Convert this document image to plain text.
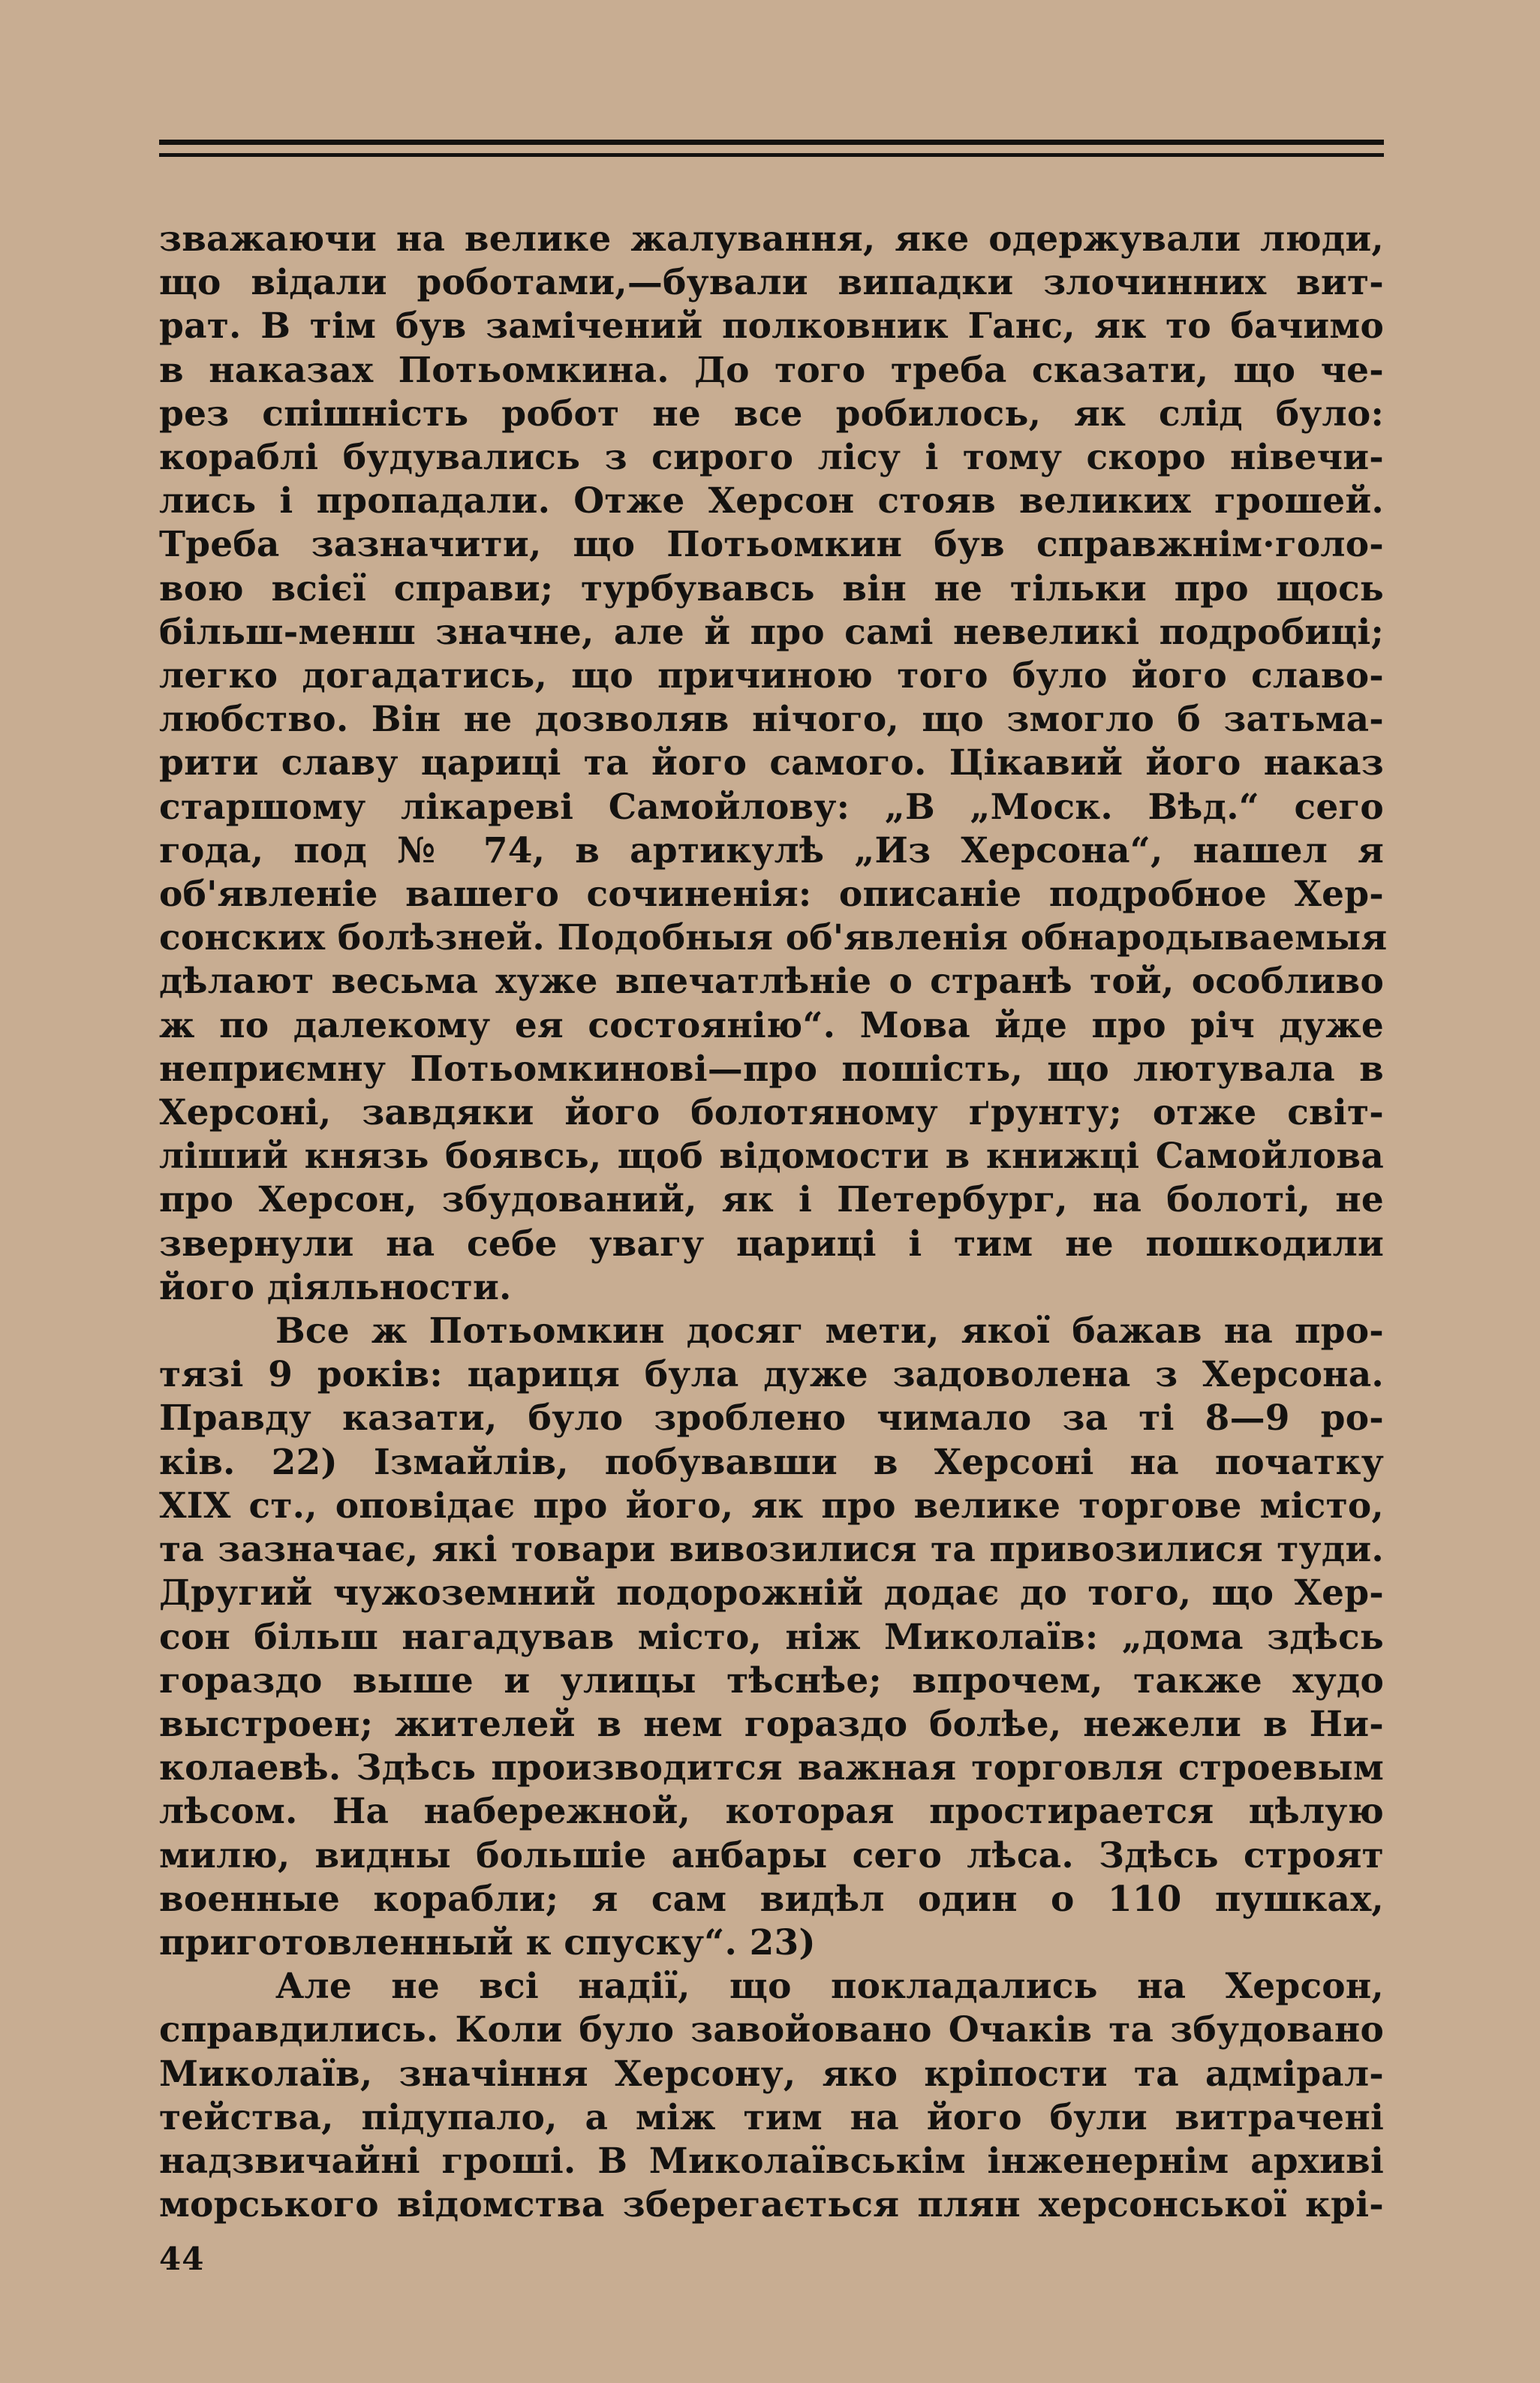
зважаючи на велике жалування, яке одержували люди,
що відали роботами,—бували випадки злочинних вит-
рат. В тім був замічений полковник Ганс, як то бачимо
в наказах Потьомкина. До того треба сказати, що че-
рез спішність робот не все робилось, як слід було:
кораблі будувались з сирого лісу і тому скоро нівечи-
лись і пропадали. Отже Херсон стояв великих грошей.
Треба зазначити, що Потьомкин був справжнім·голо-
вою всієї справи; турбувавсь він не тільки про щось
більш-менш значне, але й про самі невеликі подробиці;
легко догадатись, що причиною того було його славо-
любство. Він не дозволяв нічого, що змогло б затьма-
рити славу цариці та його самого. Цікавий його наказ
старшому лікареві Самойлову: „В „Моск. Вѣд.“ сего
года, под № 74, в артикулѣ „Из Херсона“, нашел я
об'явленіе вашего сочиненія: описаніе подробное Хер-
сонских болѣзней. Подобныя об'явленія обнародываемыя
дѣлают весьма хуже впечатлѣніе о странѣ той, особливо
ж по далекому ея состоянію“. Мова йде про річ дуже
неприємну Потьомкинові—про пошість, що лютувала в
Херсоні, завдяки його болотяному ґрунту; отже світ-
ліший князь боявсь, щоб відомости в книжці Самойлова
про Херсон, збудований, як і Петербург, на болоті, не
звернули на себе увагу цариці і тим не пошкодили
його діяльности.

Все ж Потьомкин досяг мети, якої бажав на про-
тязі 9 років: цариця була дуже задоволена з Херсона.
Правду казати, було зроблено чимало за ті 8—9 ро-
ків. 22) Ізмайлів, побувавши в Херсоні на початку
XIX ст., оповідає про його, як про велике торгове місто,
та зазначає, які товари вивозилися та привозилися туди.
Другий чужоземний подорожній додає до того, що Хер-
сон більш нагадував місто, ніж Миколаїв: „дома здѣсь
гораздо выше и улицы тѣснѣе; впрочем, также худо
выстроен; жителей в нем гораздо болѣе, нежели в Ни-
колаевѣ. Здѣсь производится важная торговля строевым
лѣсом. На набережной, которая простирается цѣлую
милю, видны большіе анбары сего лѣса. Здѣсь строят
военные корабли; я сам видѣл один о 110 пушках,
приготовленный к спуску“. 23)

Але не всі надії, що покладались на Херсон,
справдились. Коли було завойовано Очаків та збудовано
Миколаїв, значіння Херсону, яко кріпости та адмірал-
тейства, підупало, а між тим на його були витрачені
надзвичайні гроші. В Миколаївськім інженернім архиві
морського відомства зберегається плян херсонської крі-

44
